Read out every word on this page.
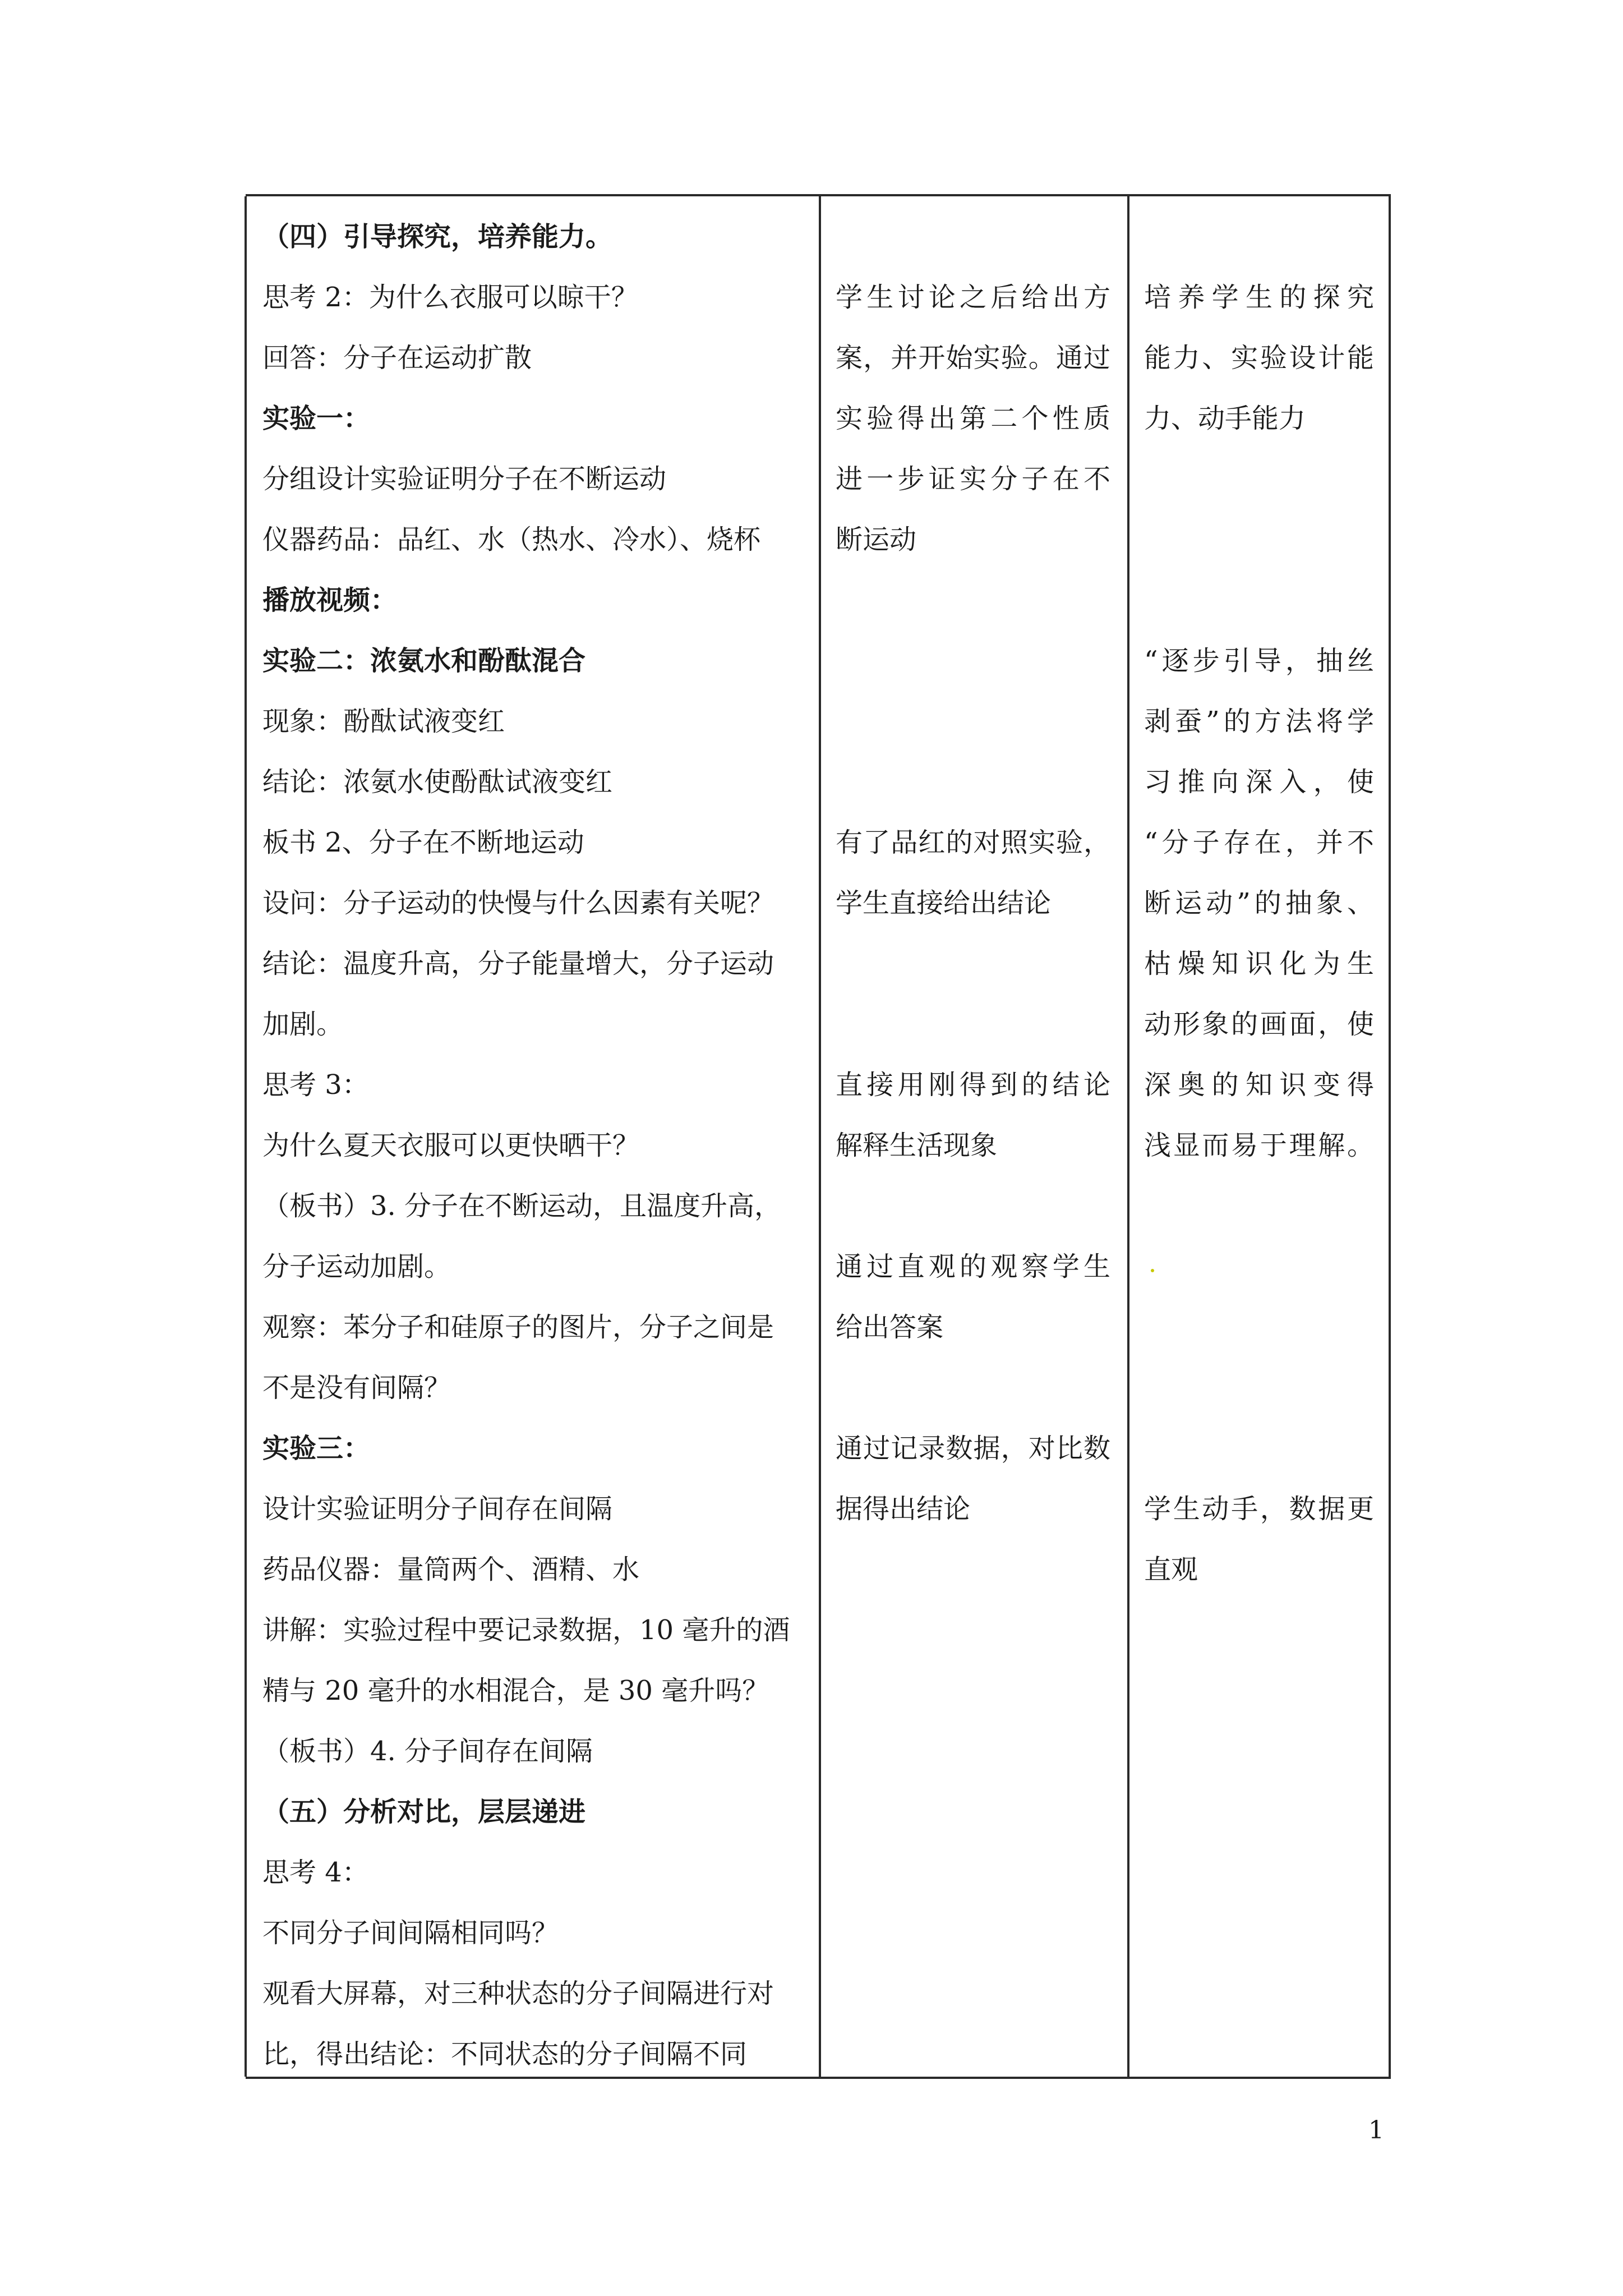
（四）引导探究，培养能力。
思考 2：为什么衣服可以晾干？
回答：分子在运动扩散
实验一：
分组设计实验证明分子在不断运动
仪器药品：品红、水（热水、冷水）、烧杯
播放视频：
实验二：浓氨水和酚酞混合
现象：酚酞试液变红
结论：浓氨水使酚酞试液变红
板书 2、分子在不断地运动
设问：分子运动的快慢与什么因素有关呢？
结论：温度升高，分子能量增大，分子运动
加剧。
思考 3：
为什么夏天衣服可以更快晒干？
（板书）3. 分子在不断运动，且温度升高，
分子运动加剧。
观察：苯分子和硅原子的图片，分子之间是
不是没有间隔？
实验三：
设计实验证明分子间存在间隔
药品仪器：量筒两个、酒精、水
讲解：实验过程中要记录数据，10 毫升的酒
精与 20 毫升的水相混合，是 30 毫升吗？
（板书）4. 分子间存在间隔
（五）分析对比，层层递进
思考 4：
不同分子间间隔相同吗？
观看大屏幕，对三种状态的分子间隔进行对
比，得出结论：不同状态的分子间隔不同
学生讨论之后给出方
案，并开始实验。通过
实验得出第二个性质
进一步证实分子在不
断运动
有了品红的对照实验，
学生直接给出结论
直接用刚得到的结论
解释生活现象
通过直观的观察学生
给出答案
通过记录数据，对比数
据得出结论
培养学生的探究
能力、实验设计能
力、动手能力
“逐步引导，抽丝
剥蚕”的方法将学
习推向深入，使
“分子存在，并不
断运动”的抽象、
枯燥知识化为生
动形象的画面，使
深奥的知识变得
浅显而易于理解。
学生动手，数据更
直观
1
